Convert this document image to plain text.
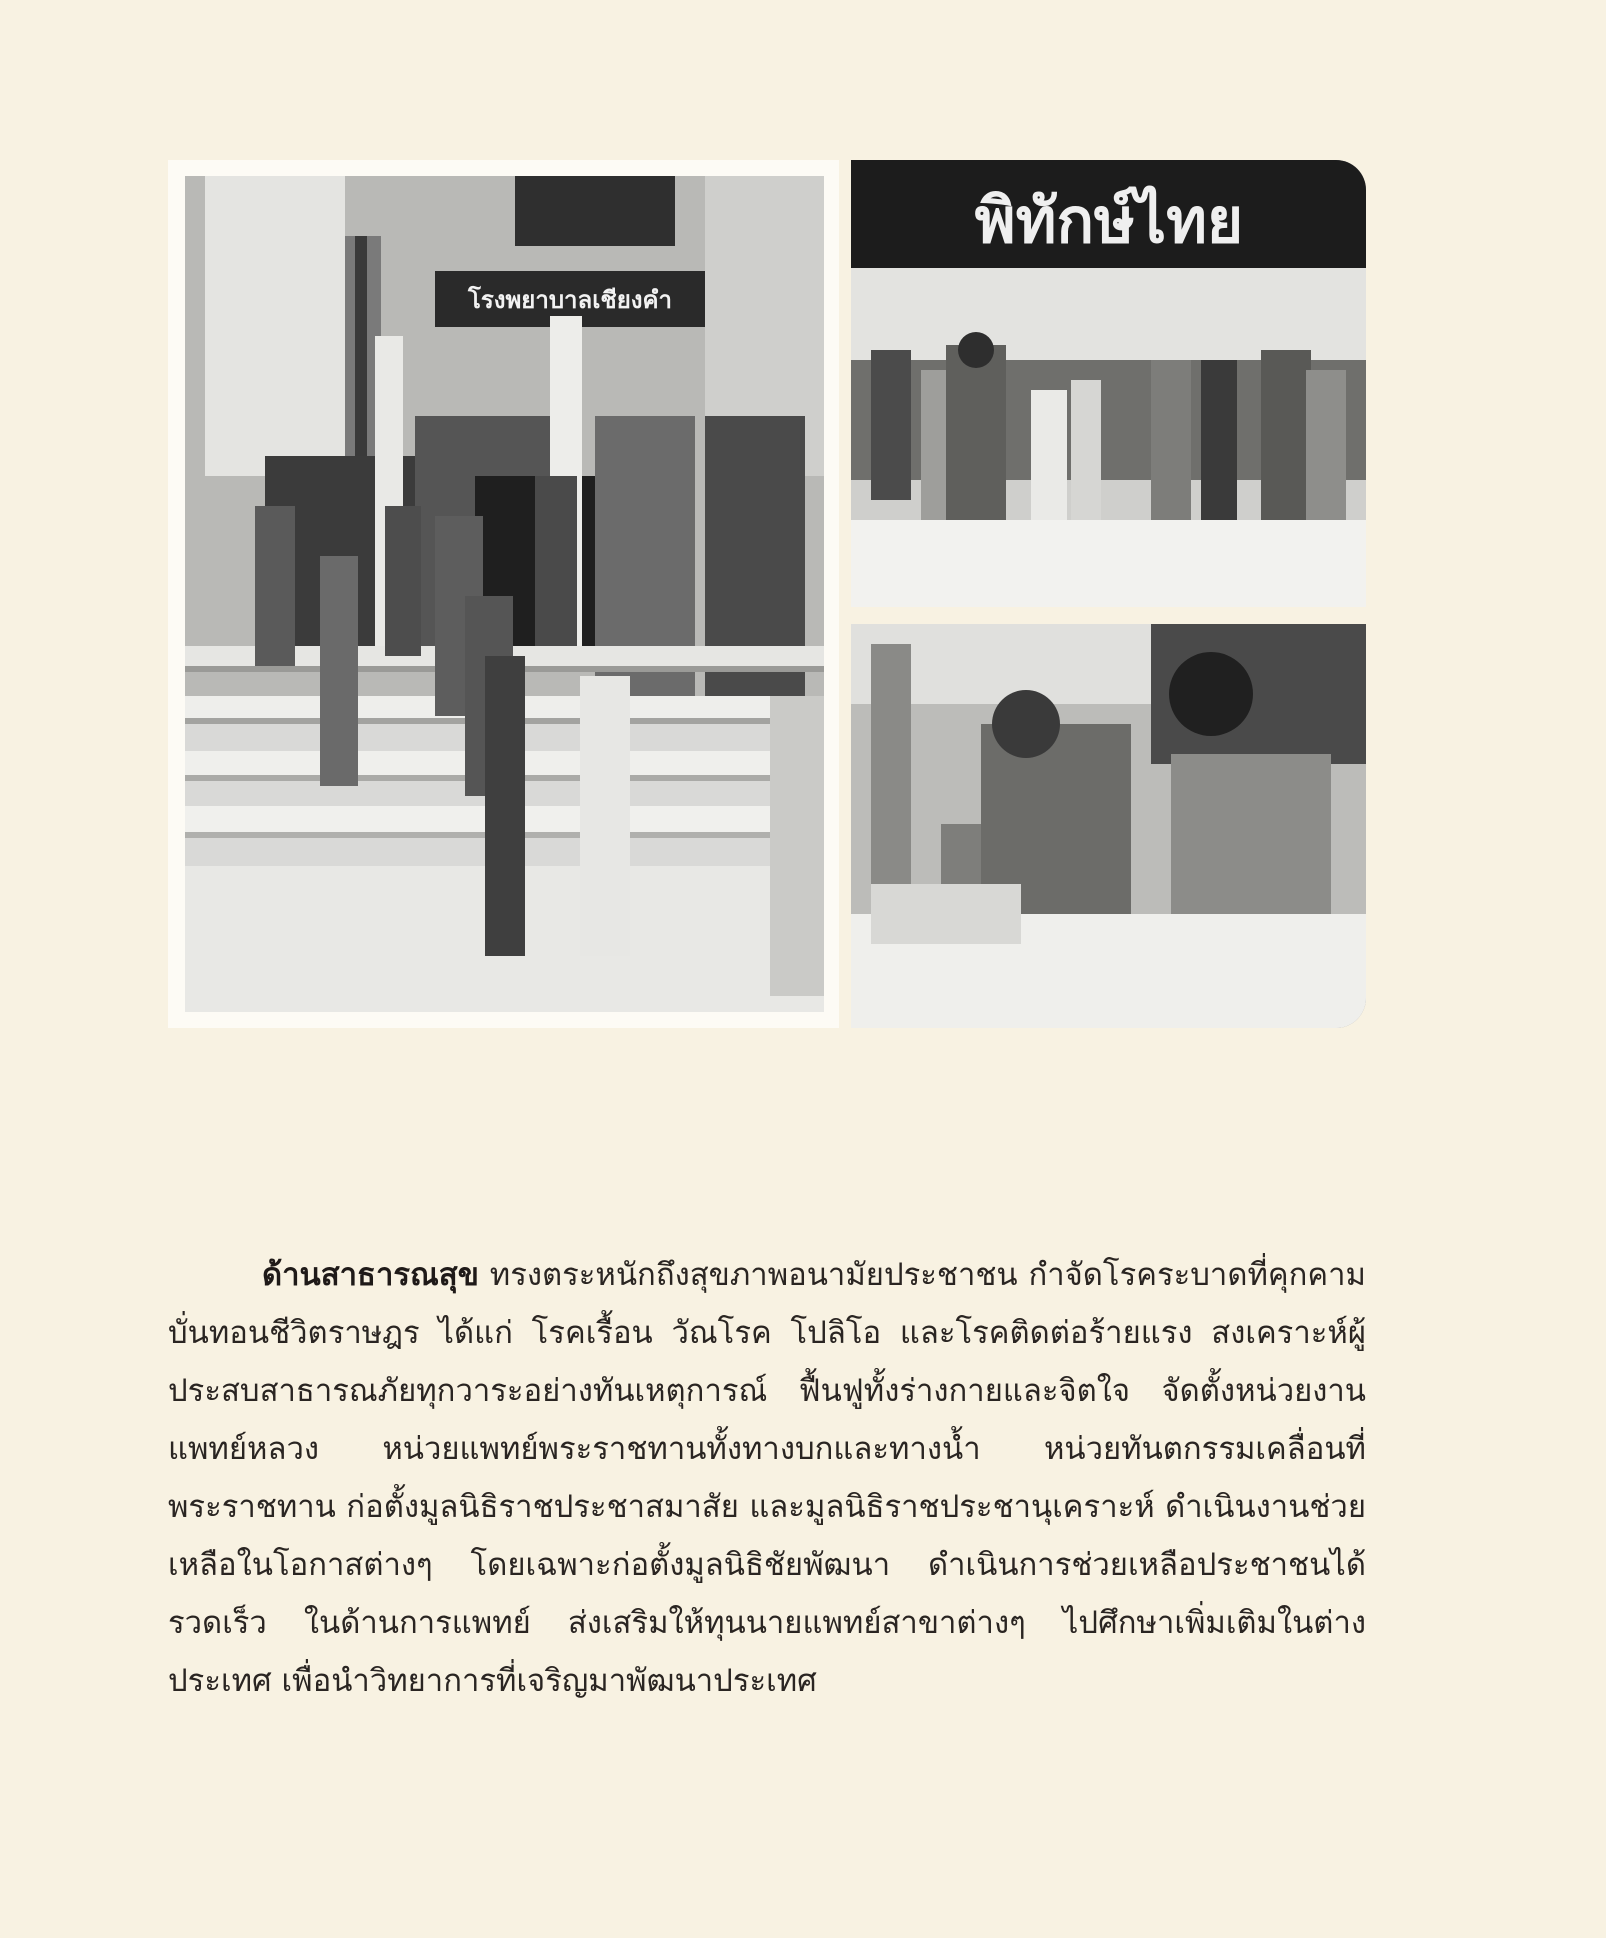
โรงพยาบาลเชียงคำ
พิทักษ์ไทย

ด้านสาธารณสุข ทรงตระหนักถึงสุขภาพอนามัยประชาชน กำจัดโรคระบาดที่คุกคามบั่นทอนชีวิตราษฎร ได้แก่ โรคเรื้อน วัณโรค โปลิโอ และโรคติดต่อร้ายแรง สงเคราะห์ผู้ประสบสาธารณภัยทุกวาระอย่างทันเหตุการณ์ ฟื้นฟูทั้งร่างกายและจิตใจ จัดตั้งหน่วยงานแพทย์หลวง หน่วยแพทย์พระราชทานทั้งทางบกและทางน้ำ หน่วยทันตกรรมเคลื่อนที่พระราชทาน ก่อตั้งมูลนิธิราชประชาสมาสัย และมูลนิธิราชประชานุเคราะห์ ดำเนินงานช่วยเหลือในโอกาสต่างๆ โดยเฉพาะก่อตั้งมูลนิธิชัยพัฒนา ดำเนินการช่วยเหลือประชาชนได้รวดเร็ว ในด้านการแพทย์ ส่งเสริมให้ทุนนายแพทย์สาขาต่างๆ ไปศึกษาเพิ่มเติมในต่างประเทศ เพื่อนำวิทยาการที่เจริญมาพัฒนาประเทศ
